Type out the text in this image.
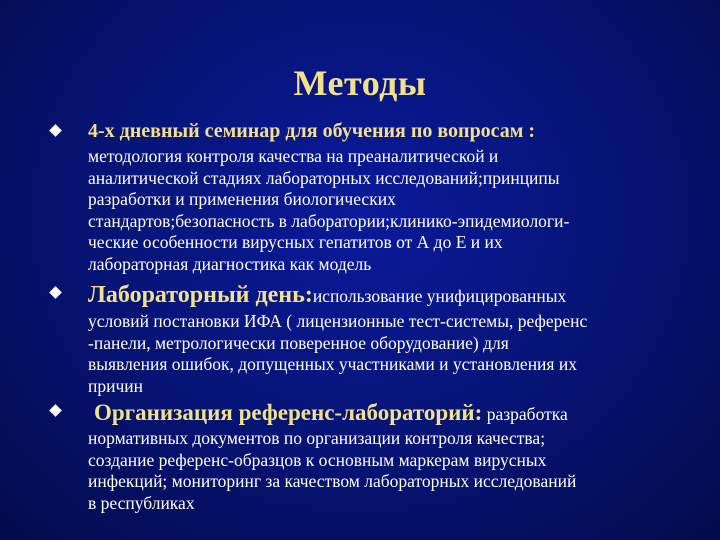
Методы
4-х дневный семинар для обучения по вопросам :
методология контроля качества на преаналитической и
аналитической стадиях лабораторных исследований;принципы
разработки и применения биологических
стандартов;безопасность в лаборатории;клинико-эпидемиологи-
ческие особенности вирусных гепатитов от А до Е и их
лабораторная диагностика как модель
Лабораторный день:использование унифицированных
условий постановки ИФА ( лицензионные тест-системы, референс
-панели, метрологически поверенное оборудование) для
выявления ошибок, допущенных участниками и установления их
причин
Организация референс-лабораторий: разработка
нормативных документов по организации контроля качества;
создание референс-образцов к основным маркерам вирусных
инфекций; мониторинг за качеством лабораторных исследований
в республиках
